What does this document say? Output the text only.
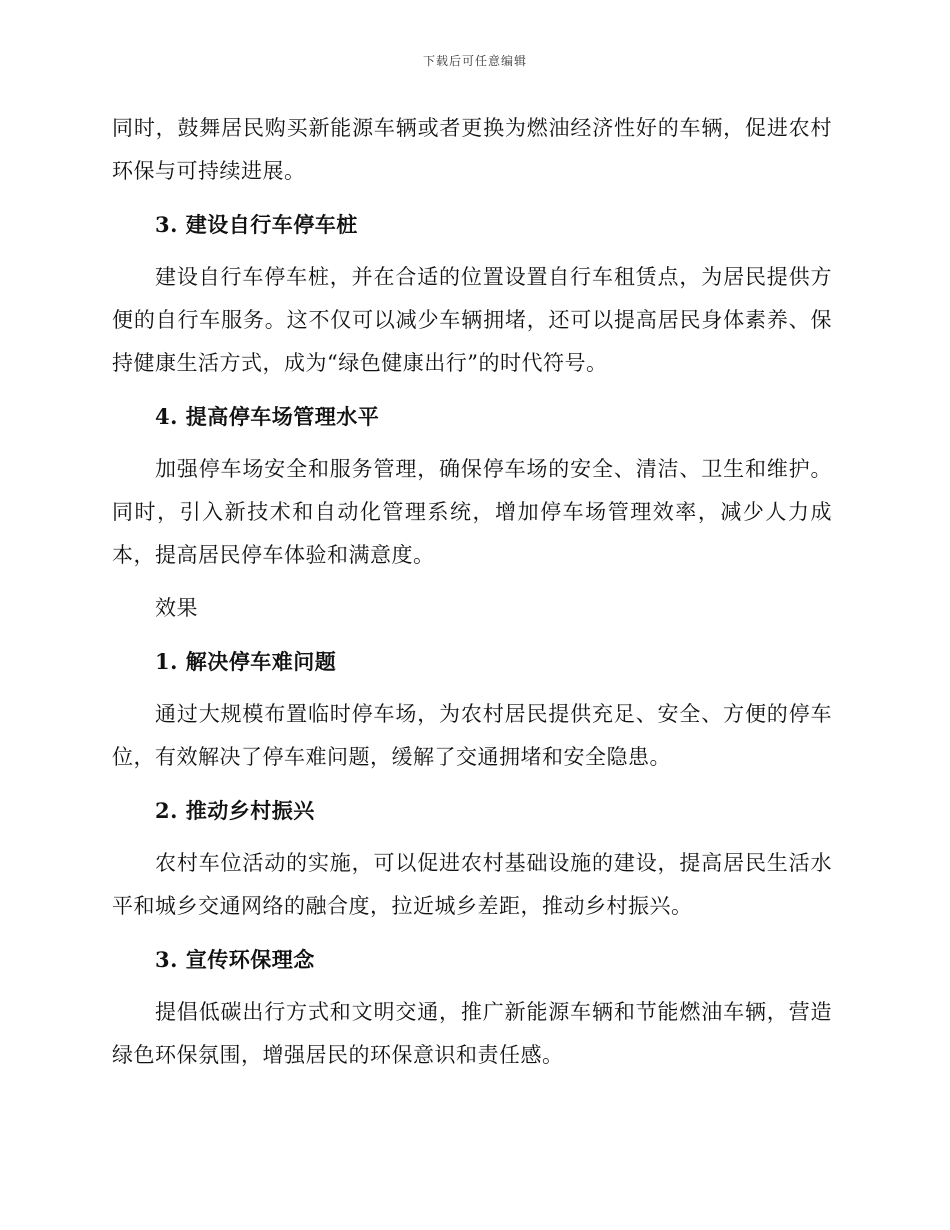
下载后可任意编辑

同时，鼓舞居民购买新能源车辆或者更换为燃油经济性好的车辆，促进农村环保与可持续进展。

3. 建设自行车停车桩

建设自行车停车桩，并在合适的位置设置自行车租赁点，为居民提供方便的自行车服务。这不仅可以减少车辆拥堵，还可以提高居民身体素养、保持健康生活方式，成为“绿色健康出行”的时代符号。

4. 提高停车场管理水平

加强停车场安全和服务管理，确保停车场的安全、清洁、卫生和维护。同时，引入新技术和自动化管理系统，增加停车场管理效率，减少人力成本，提高居民停车体验和满意度。

效果

1. 解决停车难问题

通过大规模布置临时停车场，为农村居民提供充足、安全、方便的停车位，有效解决了停车难问题，缓解了交通拥堵和安全隐患。

2. 推动乡村振兴

农村车位活动的实施，可以促进农村基础设施的建设，提高居民生活水平和城乡交通网络的融合度，拉近城乡差距，推动乡村振兴。

3. 宣传环保理念

提倡低碳出行方式和文明交通，推广新能源车辆和节能燃油车辆，营造绿色环保氛围，增强居民的环保意识和责任感。
